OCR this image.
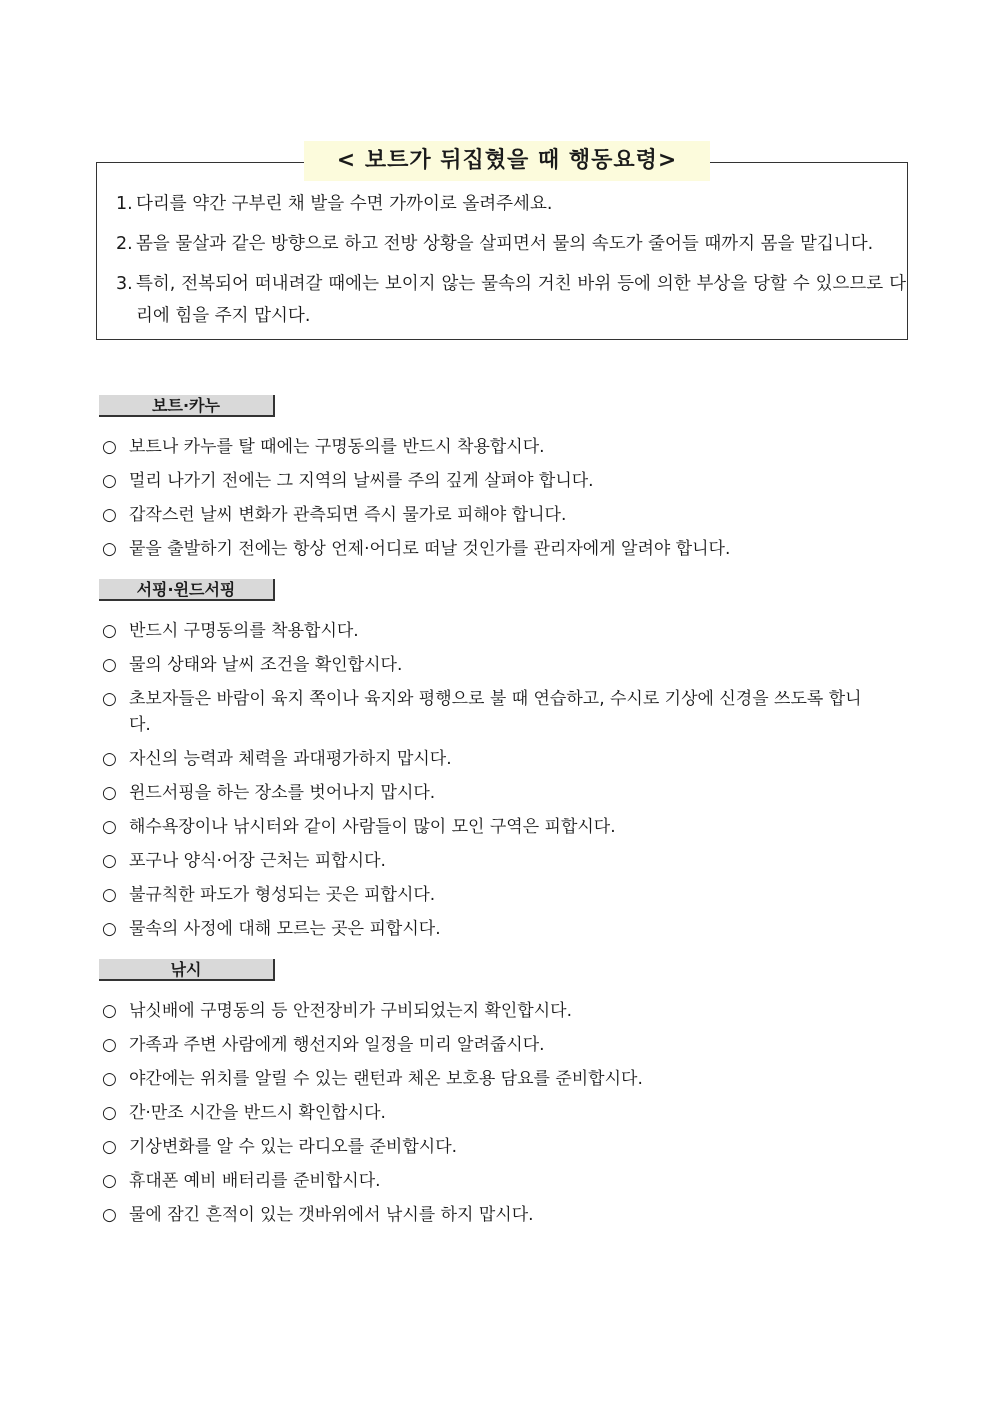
< 보트가 뒤집혔을 때 행동요령>
1. 다리를 약간 구부린 채 발을 수면 가까이로 올려주세요.
2. 몸을 물살과 같은 방향으로 하고 전방 상황을 살피면서 물의 속도가 줄어들 때까지 몸을 맡깁니다.
3. 특히, 전복되어 떠내려갈 때에는 보이지 않는 물속의 거친 바위 등에 의한 부상을 당할 수 있으므로 다리에 힘을 주지 맙시다.
보트·카누
○ 보트나 카누를 탈 때에는 구명동의를 반드시 착용합시다.
○ 멀리 나가기 전에는 그 지역의 날씨를 주의 깊게 살펴야 합니다.
○ 갑작스런 날씨 변화가 관측되면 즉시 물가로 피해야 합니다.
○ 뭍을 출발하기 전에는 항상 언제·어디로 떠날 것인가를 관리자에게 알려야 합니다.
서핑·윈드서핑
○ 반드시 구명동의를 착용합시다.
○ 물의 상태와 날씨 조건을 확인합시다.
○ 초보자들은 바람이 육지 쪽이나 육지와 평행으로 불 때 연습하고, 수시로 기상에 신경을 쓰도록 합니다.
○ 자신의 능력과 체력을 과대평가하지 맙시다.
○ 윈드서핑을 하는 장소를 벗어나지 맙시다.
○ 해수욕장이나 낚시터와 같이 사람들이 많이 모인 구역은 피합시다.
○ 포구나 양식·어장 근처는 피합시다.
○ 불규칙한 파도가 형성되는 곳은 피합시다.
○ 물속의 사정에 대해 모르는 곳은 피합시다.
낚시
○ 낚싯배에 구명동의 등 안전장비가 구비되었는지 확인합시다.
○ 가족과 주변 사람에게 행선지와 일정을 미리 알려줍시다.
○ 야간에는 위치를 알릴 수 있는 랜턴과 체온 보호용 담요를 준비합시다.
○ 간·만조 시간을 반드시 확인합시다.
○ 기상변화를 알 수 있는 라디오를 준비합시다.
○ 휴대폰 예비 배터리를 준비합시다.
○ 물에 잠긴 흔적이 있는 갯바위에서 낚시를 하지 맙시다.
